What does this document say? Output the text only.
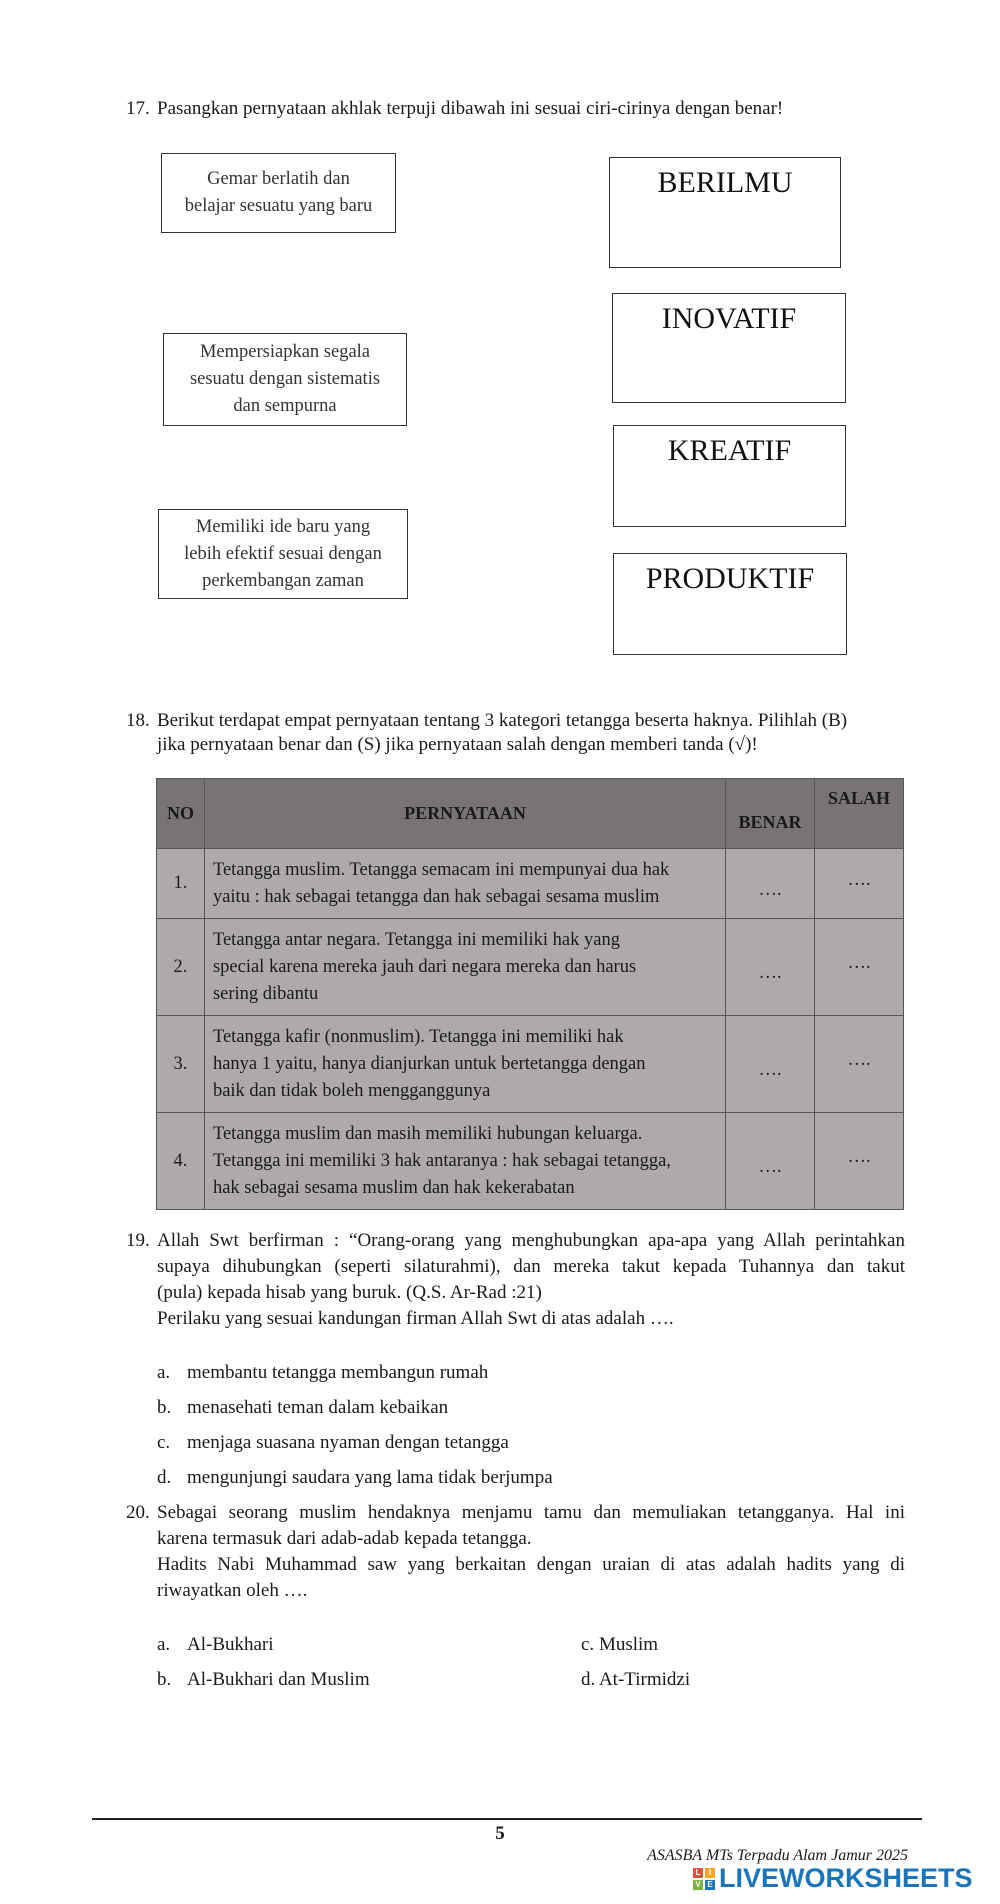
17. Pasangkan pernyataan akhlak terpuji dibawah ini sesuai ciri-cirinya dengan benar!
Gemar berlatih dan
belajar sesuatu yang baru
Mempersiapkan segala
sesuatu dengan sistematis
dan sempurna
Memiliki ide baru yang
lebih efektif sesuai dengan
perkembangan zaman
BERILMU
INOVATIF
KREATIF
PRODUKTIF
18. Berikut terdapat empat pernyataan tentang 3 kategori tetangga beserta haknya. Pilihlah (B)
jika pernyataan benar dan (S) jika pernyataan salah dengan memberi tanda (√)!
NO	PERNYATAAN	BENAR	SALAH
1.	Tetangga muslim. Tetangga semacam ini mempunyai dua hak
yaitu : hak sebagai tetangga dan hak sebagai sesama muslim	….	….
2.	Tetangga antar negara. Tetangga ini memiliki hak yang
special karena mereka jauh dari negara mereka dan harus
sering dibantu	….	….
3.	Tetangga kafir (nonmuslim). Tetangga ini memiliki hak
hanya 1 yaitu, hanya dianjurkan untuk bertetangga dengan
baik dan tidak boleh mengganggunya	….	….
4.	Tetangga muslim dan masih memiliki hubungan keluarga.
Tetangga ini memiliki 3 hak antaranya : hak sebagai tetangga,
hak sebagai sesama muslim dan hak kekerabatan	….	….
19. Allah Swt berfirman : “Orang-orang yang menghubungkan apa-apa yang Allah perintahkan
supaya dihubungkan (seperti silaturahmi), dan mereka takut kepada Tuhannya dan takut
(pula) kepada hisab yang buruk. (Q.S. Ar-Rad :21)
Perilaku yang sesuai kandungan firman Allah Swt di atas adalah ….
a. membantu tetangga membangun rumah
b. menasehati teman dalam kebaikan
c. menjaga suasana nyaman dengan tetangga
d. mengunjungi saudara yang lama tidak berjumpa
20. Sebagai seorang muslim hendaknya menjamu tamu dan memuliakan tetangganya. Hal ini
karena termasuk dari adab-adab kepada tetangga.
Hadits Nabi Muhammad saw yang berkaitan dengan uraian di atas adalah hadits yang di
riwayatkan oleh ….
a. Al-Bukhari
b. Al-Bukhari dan Muslim
c. Muslim
d. At-Tirmidzi
5
ASASBA MTs Terpadu Alam Jamur 2025
L	I
V E LIVEWORKSHEETS
